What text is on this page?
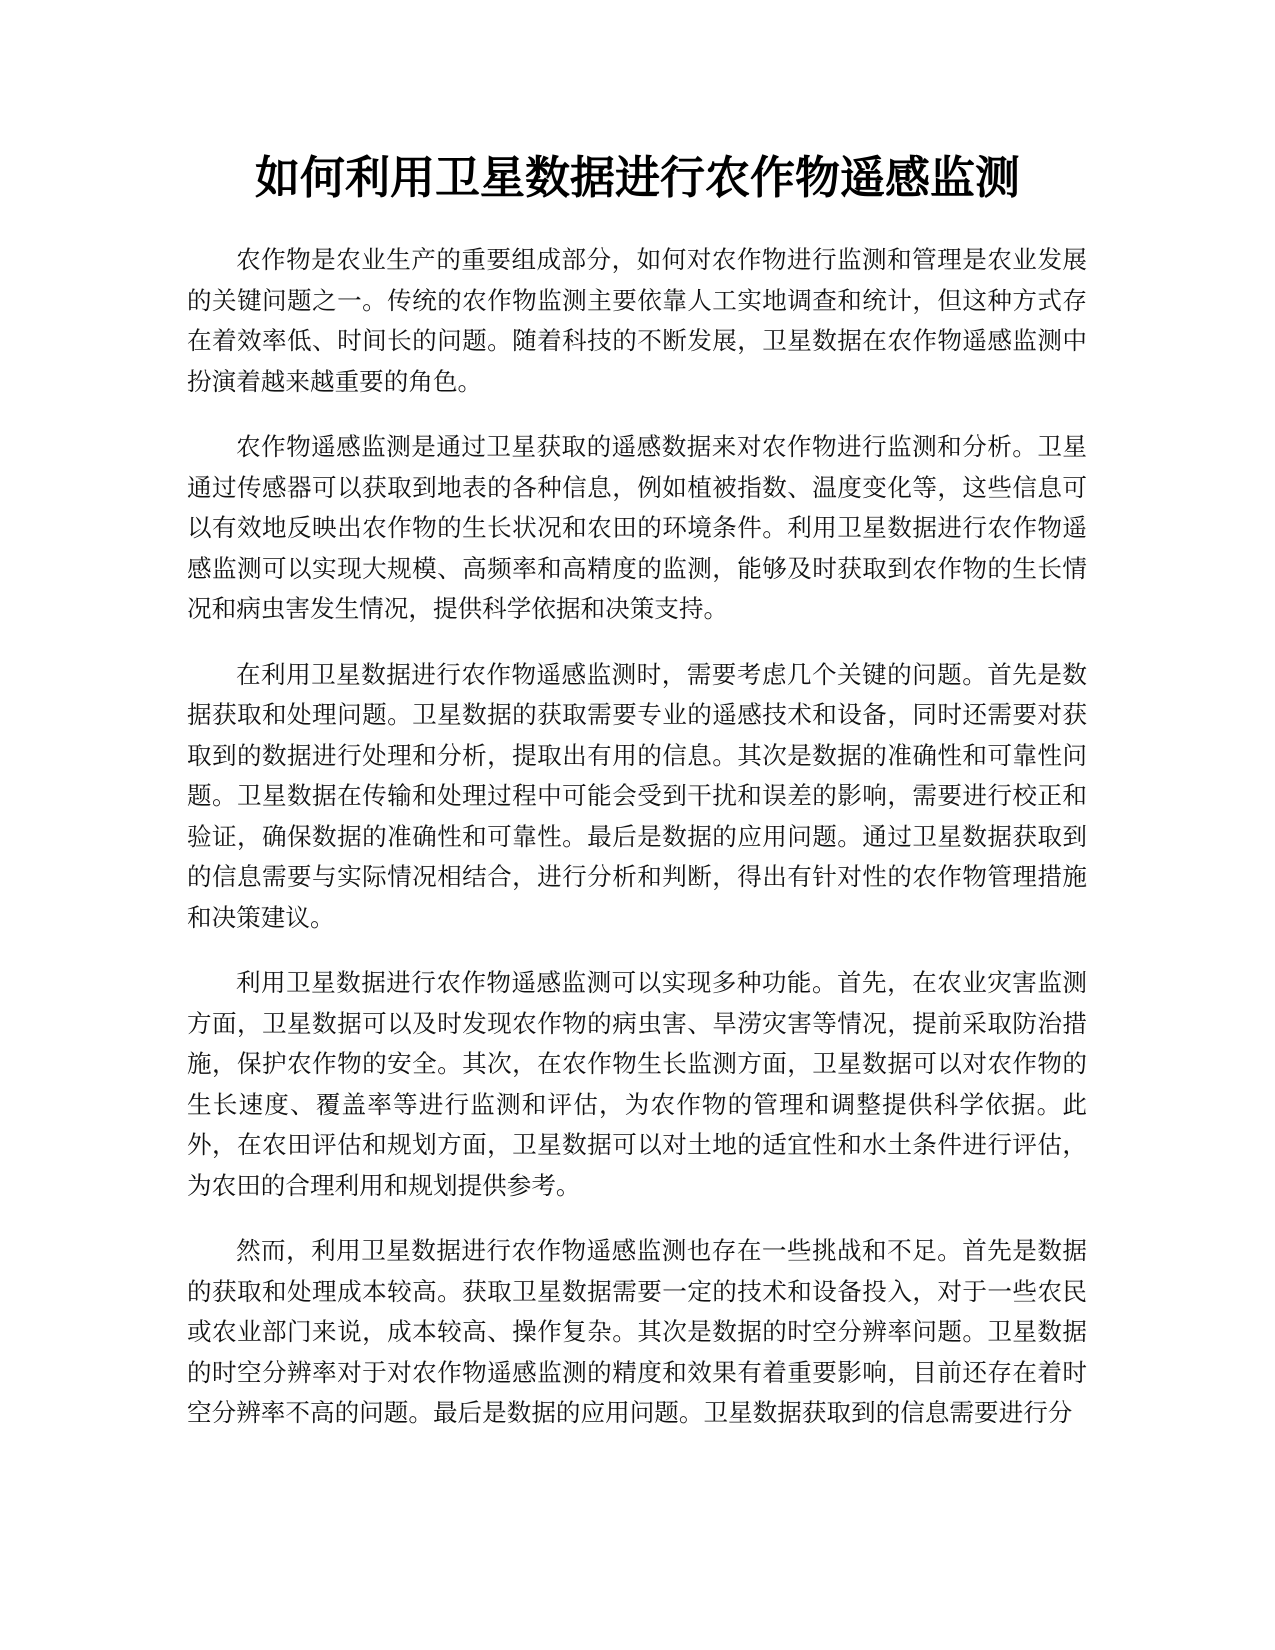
如何利用卫星数据进行农作物遥感监测

农作物是农业生产的重要组成部分，如何对农作物进行监测和管理是农业发展的关键问题之一。传统的农作物监测主要依靠人工实地调查和统计，但这种方式存在着效率低、时间长的问题。随着科技的不断发展，卫星数据在农作物遥感监测中扮演着越来越重要的角色。

农作物遥感监测是通过卫星获取的遥感数据来对农作物进行监测和分析。卫星通过传感器可以获取到地表的各种信息，例如植被指数、温度变化等，这些信息可以有效地反映出农作物的生长状况和农田的环境条件。利用卫星数据进行农作物遥感监测可以实现大规模、高频率和高精度的监测，能够及时获取到农作物的生长情况和病虫害发生情况，提供科学依据和决策支持。

在利用卫星数据进行农作物遥感监测时，需要考虑几个关键的问题。首先是数据获取和处理问题。卫星数据的获取需要专业的遥感技术和设备，同时还需要对获取到的数据进行处理和分析，提取出有用的信息。其次是数据的准确性和可靠性问题。卫星数据在传输和处理过程中可能会受到干扰和误差的影响，需要进行校正和验证，确保数据的准确性和可靠性。最后是数据的应用问题。通过卫星数据获取到的信息需要与实际情况相结合，进行分析和判断，得出有针对性的农作物管理措施和决策建议。

利用卫星数据进行农作物遥感监测可以实现多种功能。首先，在农业灾害监测方面，卫星数据可以及时发现农作物的病虫害、旱涝灾害等情况，提前采取防治措施，保护农作物的安全。其次，在农作物生长监测方面，卫星数据可以对农作物的生长速度、覆盖率等进行监测和评估，为农作物的管理和调整提供科学依据。此外，在农田评估和规划方面，卫星数据可以对土地的适宜性和水土条件进行评估，为农田的合理利用和规划提供参考。

然而，利用卫星数据进行农作物遥感监测也存在一些挑战和不足。首先是数据的获取和处理成本较高。获取卫星数据需要一定的技术和设备投入，对于一些农民或农业部门来说，成本较高、操作复杂。其次是数据的时空分辨率问题。卫星数据的时空分辨率对于对农作物遥感监测的精度和效果有着重要影响，目前还存在着时空分辨率不高的问题。最后是数据的应用问题。卫星数据获取到的信息需要进行分
